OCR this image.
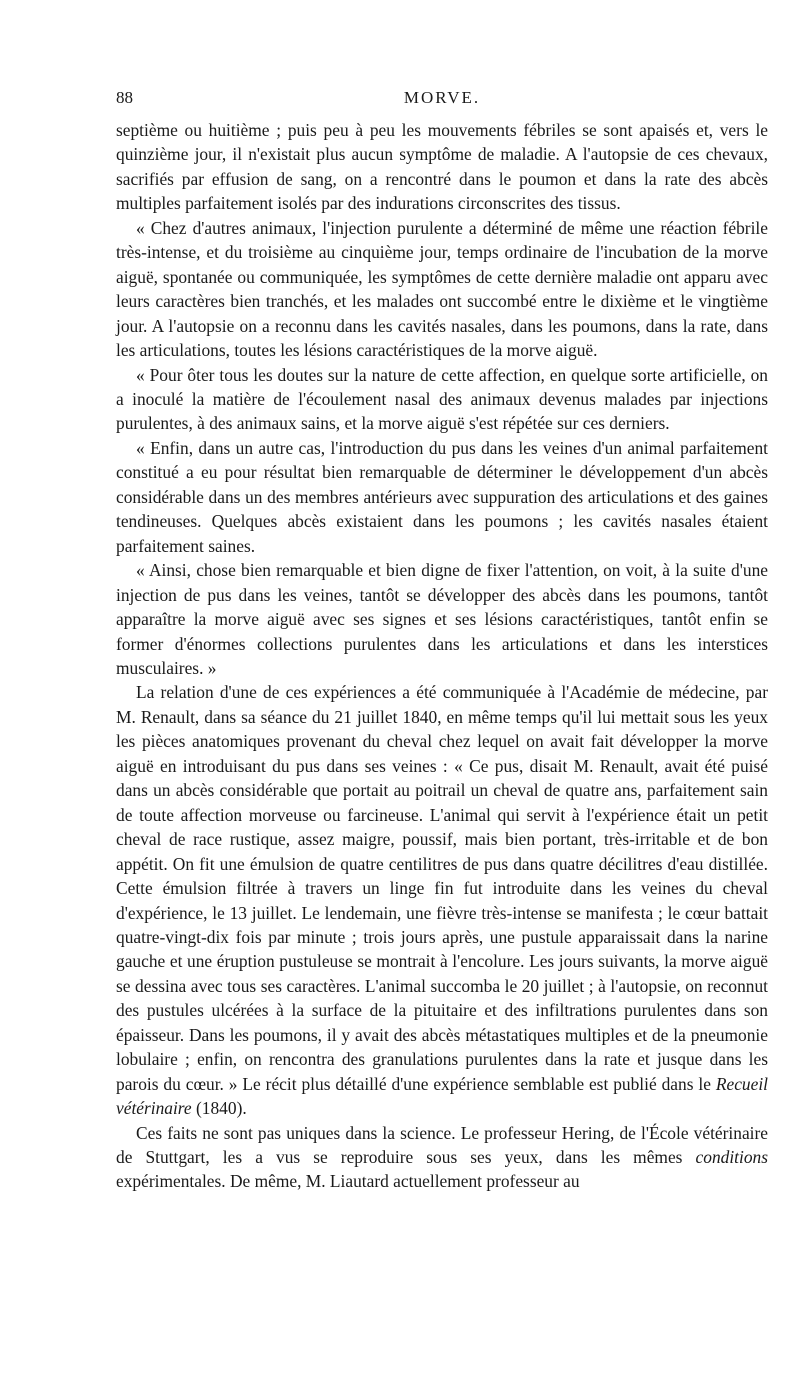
88	MORVE.

septième ou huitième ; puis peu à peu les mouvements fébriles se sont apaisés et, vers le quinzième jour, il n'existait plus aucun symptôme de maladie. A l'autopsie de ces chevaux, sacrifiés par effusion de sang, on a rencontré dans le poumon et dans la rate des abcès multiples parfaitement isolés par des indurations circonscrites des tissus.

« Chez d'autres animaux, l'injection purulente a déterminé de même une réaction fébrile très-intense, et du troisième au cinquième jour, temps ordinaire de l'incubation de la morve aiguë, spontanée ou communiquée, les symptômes de cette dernière maladie ont apparu avec leurs caractères bien tranchés, et les malades ont succombé entre le dixième et le vingtième jour. A l'autopsie on a reconnu dans les cavités nasales, dans les poumons, dans la rate, dans les articulations, toutes les lésions caractéristiques de la morve aiguë.

« Pour ôter tous les doutes sur la nature de cette affection, en quelque sorte artificielle, on a inoculé la matière de l'écoulement nasal des animaux devenus malades par injections purulentes, à des animaux sains, et la morve aiguë s'est répétée sur ces derniers.

« Enfin, dans un autre cas, l'introduction du pus dans les veines d'un animal parfaitement constitué a eu pour résultat bien remarquable de déterminer le développement d'un abcès considérable dans un des membres antérieurs avec suppuration des articulations et des gaines tendineuses. Quelques abcès existaient dans les poumons ; les cavités nasales étaient parfaitement saines.

« Ainsi, chose bien remarquable et bien digne de fixer l'attention, on voit, à la suite d'une injection de pus dans les veines, tantôt se développer des abcès dans les poumons, tantôt apparaître la morve aiguë avec ses signes et ses lésions caractéristiques, tantôt enfin se former d'énormes collections purulentes dans les articulations et dans les interstices musculaires. »

La relation d'une de ces expériences a été communiquée à l'Académie de médecine, par M. Renault, dans sa séance du 21 juillet 1840, en même temps qu'il lui mettait sous les yeux les pièces anatomiques provenant du cheval chez lequel on avait fait développer la morve aiguë en introduisant du pus dans ses veines : « Ce pus, disait M. Renault, avait été puisé dans un abcès considérable que portait au poitrail un cheval de quatre ans, parfaitement sain de toute affection morveuse ou farcineuse. L'animal qui servit à l'expérience était un petit cheval de race rustique, assez maigre, poussif, mais bien portant, très-irritable et de bon appétit. On fit une émulsion de quatre centilitres de pus dans quatre décilitres d'eau distillée. Cette émulsion filtrée à travers un linge fin fut introduite dans les veines du cheval d'expérience, le 13 juillet. Le lendemain, une fièvre très-intense se manifesta ; le cœur battait quatre-vingt-dix fois par minute ; trois jours après, une pustule apparaissait dans la narine gauche et une éruption pustuleuse se montrait à l'encolure. Les jours suivants, la morve aiguë se dessina avec tous ses caractères. L'animal succomba le 20 juillet ; à l'autopsie, on reconnut des pustules ulcérées à la surface de la pituitaire et des infiltrations purulentes dans son épaisseur. Dans les poumons, il y avait des abcès métastatiques multiples et de la pneumonie lobulaire ; enfin, on rencontra des granulations purulentes dans la rate et jusque dans les parois du cœur. » Le récit plus détaillé d'une expérience semblable est publié dans le Recueil vétérinaire (1840).

Ces faits ne sont pas uniques dans la science. Le professeur Hering, de l'École vétérinaire de Stuttgart, les a vus se reproduire sous ses yeux, dans les mêmes conditions expérimentales. De même, M. Liautard actuellement professeur au
